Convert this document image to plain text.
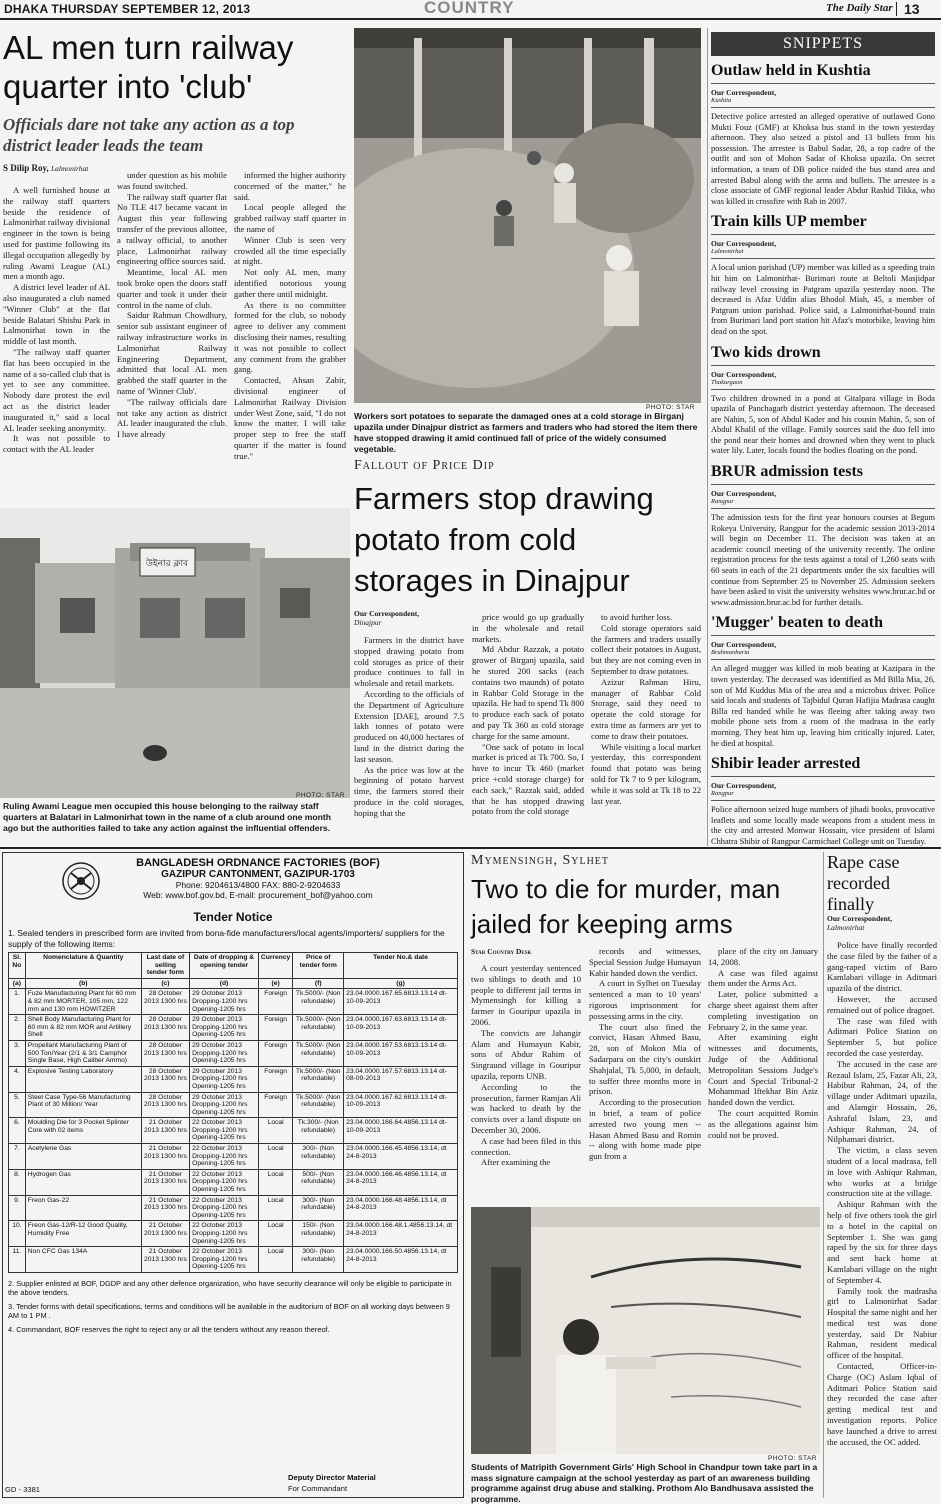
DHAKA THURSDAY SEPTEMBER 12, 2013	COUNTRY	The Daily Star 13
AL men turn railway quarter into 'club'
Officials dare not take any action as a top district leader leads the team
S Dilip Roy, Lalmonirhat

A well furnished house at the railway staff quarters beside the residence of Lalmonirhat railway divisional engineer in the town is being used for pastime following its illegal occupation allegedly by ruling Awami League (AL) men a month ago.

A district level leader of AL also inaugurated a club named "Winner Club" at the flat beside Balatari Shishu Park in Lalmonirhat town in the middle of last month.

"The railway staff quarter flat has been occupied in the name of a so-called club that is yet to see any committee. Nobody dare protest the evil act as the district leader inaugurated it," said a local AL leader seeking anonymity.

It was not possible to contact with the AL leader

under question as his mobile was found switched.

The railway staff quarter flat No TLE 417 became vacant in August this year following transfer of the previous allottee, a railway official, to another place, Lalmonirhat railway engineering office sources said.

Meantime, local AL men took broke open the doors staff quarter and took it under their control in the name of club.

Saidur Rahman Chowdhury, senior sub assistant engineer of railway infrastructure works in Lalmonirhat Railway Engineering Department, admitted that local AL men grabbed the staff quarter in the name of 'Winner Club'.

"The railway officials dare not take any action as district AL leader inaugurated the club. I have already

informed the higher authority concerned of the matter," he said.

Local people alleged the grabbed railway staff quarter in the name of

Winner Club is seen very crowded all the time especially at night.

Not only AL men, many identified notorious young gather there until midnight.

As there is no committee formed for the club, so nobody agree to deliver any comment disclosing their names, resulting it was not possible to collect any comment from the grabber gang.

Contacted, Ahsan Zabir, divisional engineer of Lalmonirhat Railway Division under West Zone, said, "I do not know the matter. I will take proper step to free the staff quarter if the matter is found true."

উইনার ক্লাব
PHOTO: STAR
Ruling Awami League men occupied this house belonging to the railway staff quarters at Balatari in Lalmonirhat town in the name of a club around one month ago but the authorities failed to take any action against the influential offenders.
PHOTO: STAR
Workers sort potatoes to separate the damaged ones at a cold storage in Birganj upazila under Dinajpur district as farmers and traders who had stored the item there have stopped drawing it amid continued fall of price of the widely consumed vegetable.
Fallout of Price Dip
Farmers stop drawing potato from cold storages in Dinajpur
Our Correspondent,
Dinajpur

Farmers in the district have stopped drawing potato from cold storages as price of their produce continues to fall in wholesale and retail markets.

According to the officials of the Department of Agriculture Extension [DAE], around 7.5 lakh tonnes of potato were produced on 40,000 hectares of land in the district during the last season.

As the price was low at the beginning of potato harvest time, the farmers stored their produce in the cold storages, hoping that the

price would go up gradually in the wholesale and retail markets.

Md Abdur Razzak, a potato grower of Birganj upazila, said he stored 200 sacks (each contains two maunds) of potato in Rahbar Cold Storage in the upazila. He had to spend Tk 800 to produce each sack of potato and pay Tk 360 as cold storage charge for the same amount.

"One sack of potato in local market is priced at Tk 700. So, I have to incur Tk 460 (market price +cold storage charge) for each sack," Razzak said, added that he has stopped drawing potato from the cold storage

to avoid further loss.

Cold storage operators said the farmers and traders usually collect their potatoes in August, but they are not coming even in September to draw potatoes.

Azizur Rahman Hiru, manager of Rahbar Cold Storage, said they need to operate the cold storage for extra time as farmers are yet to come to draw their potatoes.

While visiting a local market yesterday, this correspondent found that potato was being sold for Tk 7 to 9 per kilogram, while it was sold at Tk 18 to 22 last year.

SNIPPETS
Outlaw held in Kushtia
Our Correspondent,
Kushtia
Detective police arrested an alleged operative of outlawed Gono Mukti Fouz (GMF) at Khoksa bus stand in the town yesterday afternoon. They also seized a pistol and 13 bullets from his possession. The arrestee is Babul Sadar, 28, a top cadre of the outfit and son of Mohon Sadar of Khoksa upazila. On secret information, a team of DB police raided the bus stand area and arrested Babul along with the arms and bullets. The arrestee is a close associate of GMF regional leader Abdur Rashid Tikka, who was killed in crossfire with Rab in 2007.
Train kills UP member
Our Correspondent,
Lalmonirhat
A local union parishad (UP) member was killed as a speeding train hit him on Lalmonirhat- Burimari route at Beltoli Masjidpar railway level crossing in Patgram upazila yesterday noon. The deceased is Afaz Uddin alias Bhodol Miah, 45, a member of Patgram union parishad. Police said, a Lalmonirhat-bound train from Burimari land port station hit Afaz's motorbike, leaving him dead on the spot.
Two kids drown
Our Correspondent,
Thakurgaon
Two children drowned in a pond at Gitalpara village in Boda upazila of Panchagarh district yesterday afternoon. The deceased are Nahin, 5, son of Abdul Kader and his cousin Mahin, 5, son of Abdul Khalil of the village. Family sources said the duo fell into the pond near their homes and drowned when they went to pluck water lily. Later, locals found the bodies floating on the pond.
BRUR admission tests
Our Correspondent,
Rangpur
The admission tests for the first year honours courses at Begum Rokeya University, Rangpur for the academic session 2013-2014 will begin on December 11. The decision was taken at an academic council meeting of the university recently. The online registration process for the tests against a total of 1,260 seats with 60 seats in each of the 21 departments under the six faculties will continue from September 25 to November 25. Admission seekers have been asked to visit the university websites www.brur.ac.bd or www.admission.brur.ac.bd for further details.
'Mugger' beaten to death
Our Correspondent,
Brahmanbaria
An alleged mugger was killed in mob beating at Kazipara in the town yesterday. The deceased was identified as Md Billa Mia, 26, son of Md Kuddus Mia of the area and a microbus driver. Police said locals and students of Tajbidul Quran Hafijia Madrasa caught Billa red handed while he was fleeing after taking away two mobile phone sets from a room of the madrasa in the early morning. They beat him up, leaving him critically injured. Later, he died at hospital.
Shibir leader arrested
Our Correspondent,
Rangpur
Police afternoon seized huge numbers of jihadi books, provocative leaflets and some locally made weapons from a student mess in the city and arrested Monwar Hossain, vice president of Islami Chhatra Shibir of Rangpur Carmichael College unit on Tuesday.
BANGLADESH ORDNANCE FACTORIES (BOF)
GAZIPUR CANTONMENT, GAZIPUR-1703
Phone: 9204613/4800 FAX: 880-2-9204633
Web: www.bof.gov.bd, E-mail: procurement_bof@yahoo.com
Tender Notice
1. Sealed tenders in prescribed form are invited from bona-fide manufacturers/local agents/importers/ suppliers for the supply of the following items:
Sl. No	Nomenclature & Quantity	Last date of selling tender form	Date of dropping & opening tender	Currency	Price of tender form	Tender No.& date
(a)	(b)	(c)	(d)	(e)	(f)	(g)
1.	Fuze Manufacturing Plant for 60 mm & 82 mm MORTER, 105 mm, 122 mm and 130 mm HOWITZER	28 October 2013 1300 hrs	29 October 2013 Dropping-1200 hrs Opening-1205 hrs	Foreign	Tk.5000/- (Non refundable)	23.04.0000.167.65.6813.13.14 dt- 10-09-2013
2.	Shell Body Manufacturing Plant for 60 mm & 82 mm MOR and Artillery Shell	28 October 2013 1300 hrs	29 October 2013 Dropping-1200 hrs Opening-1205 hrs	Foreign	Tk.5000/- (Non refundable)	23.04.0000.167.63.6813.13.14 dt- 10-09-2013
3.	Propellant Manufacturing Plant of 500 Ton/Year (2/1 & 3/1 Camphor Single Base, High Caliber Ammo)	28 October 2013 1300 hrs	29 October 2013 Dropping-1200 hrs Opening-1205 hrs	Foreign	Tk.5000/- (Non refundable)	23.04.0000.167.53.6813.13.14 dt- 10-09-2013
4.	Explosive Testing Laboratory	28 October 2013 1300 hrs	29 October 2013 Dropping-1200 hrs Opening-1205 hrs	Foreign	Tk.5000/- (Non refundable)	23.04.0000.167.57.6813.13.14 dt- 08-09-2013
5.	Steel Case Type-56 Manufacturing Plant of 30 Million/ Year	28 October 2013 1300 hrs	29 October 2013 Dropping-1200 hrs Opening-1205 hrs	Foreign	Tk.5000/- (Non refundable)	23.04.0000.167.62.6813.13.14 dt- 10-09-2013
6.	Moulding Die for 3 Pocket Splinter Core with 02 items	21 October 2013 1300 hrs	22 October 2013 Dropping-1200 hrs Opening-1205 hrs	Local	Tk.300/- (Non refundable)	23.04.0000.166.64.4856.13.14 dt- 10-09-2013
7.	Acetylene Gas	21 October 2013 1300 hrs	22 October 2013 Dropping-1200 hrs Opening-1205 hrs	Local	300/- (Non refundable)	23.04.0000.166.45.4856.13.14, dt 24-8-2013
8.	Hydrogen Gas	21 October 2013 1300 hrs	22 October 2013 Dropping-1200 hrs Opening-1205 hrs	Local	500/- (Non refundable)	23.04.0000.166.46.4856.13.14, dt 24-8-2013
9.	Freon Gas-22	21 October 2013 1300 hrs	22 October 2013 Dropping-1200 hrs Opening-1205 hrs	Local	300/- (Non refundable)	23.04.0000.166.48.4856.13.14, dt 24-8-2013
10.	Freon Gas-12/R-12 Good Quality, Humidity Free	21 October 2013 1300 hrs	22 October 2013 Dropping-1200 hrs Opening-1205 hrs	Local	150/- (Non refundable)	23.04.0000.166.48.1.4856.13.14, dt 24-8-2013
11.	Non CFC Gas 134A	21 October 2013 1300 hrs	22 October 2013 Dropping-1200 hrs Opening-1205 hrs	Local	300/- (Non refundable)	23.04.0000.166.50.4856.13.14, dt 24-8-2013
2. Supplier enlisted at BOF, DGDP and any other defence organization, who have security clearance will only be eligible to participate in the above tenders.
3. Tender forms with detail specifications, terms and conditions will be available in the auditorium of BOF on all working days between 9 AM to 1 PM .
4. Commandant, BOF reserves the right to reject any or all the tenders without any reason thereof.
Deputy Director Material
For Commandant
GD - 3381
Mymensingh, Sylhet
Two to die for murder, man jailed for keeping arms
Star Country Desk

A court yesterday sentenced two siblings to death and 10 people to different jail terms in Mymensingh for killing a farmer in Gouripur upazila in 2006.

The convicts are Jahangir Alam and Humayun Kabir, sons of Abdur Rahim of Singraund village in Gouripur upazila, reports UNB.

According to the prosecution, farmer Ramjan Ali was hacked to death by the convicts over a land dispute on December 30, 2006.

A case had been filed in this connection.

After examining the

records and witnesses, Special Session Judge Humayun Kabir handed down the verdict.

A court in Sylhet on Tuesday sentenced a man to 10 years' rigorous imprisonment for possessing arms in the city.

The court also fined the convict, Hasan Ahmed Basu, 28, son of Mokon Mia of Sadarpara on the city's outskirt Shahjalal, Tk 5,000, in default, to suffer three months more in prison.

According to the prosecution in brief, a team of police arrested two young men -- Hasan Ahmed Basu and Romin -- along with home made pipe gun from a

place of the city on January 14, 2008.

A case was filed against them under the Arms Act.

Later, police submitted a charge sheet against them after completing investigation on February 2, in the same year.

After examining eight witnesses and documents, Judge of the Additional Metropolitan Sessions Judge's Court and Special Tribunal-2 Mohammad Iftekhar Bin Aziz handed down the verdict.

The court acquitted Romin as the allegations against him could not be proved.

PHOTO: STAR
Students of Matripith Government Girls' High School in Chandpur town take part in a mass signature campaign at the school yesterday as part of an awareness building programme against drug abuse and stalking. Prothom Alo Bandhusava assisted the programme.
Rape case recorded finally
Our Correspondent,
Lalmonirhat

Police have finally recorded the case filed by the father of a gang-raped victim of Baro Kamlabari village in Aditmari upazila of the district.

However, the accused remained out of police dragnet.

The case was filed with Aditmari Police Station on September 5, but police recorded the case yesterday.

The accused in the case are Rezaul Islam, 25, Fazar Ali, 23, Habibur Rahman, 24, of the village under Aditmari upazila, and Alamgir Hossain, 26, Ashraful Islam, 23, and Ashiqur Rahman, 24, of Nilphamari district.

The victim, a class seven student of a local madrasa, fell in love with Ashiqur Rahman, who works at a bridge construction site at the village.

Ashiqur Rahman with the help of five others took the girl to a hotel in the capital on September 1. She was gang raped by the six for three days and sent back home at Kamlabari village on the night of September 4.

Family took the madrasha girl to Lalmonirhat Sadar Hospital the same night and her medical test was done yesterday, said Dr Nabiur Rahman, resident medical officer of the hospital.

Contacted, Officer-in-Charge (OC) Aslam Iqbal of Aditmari Police Station said they recorded the case after getting medical test and investigation reports. Police have launched a drive to arrest the accused, the OC added.
